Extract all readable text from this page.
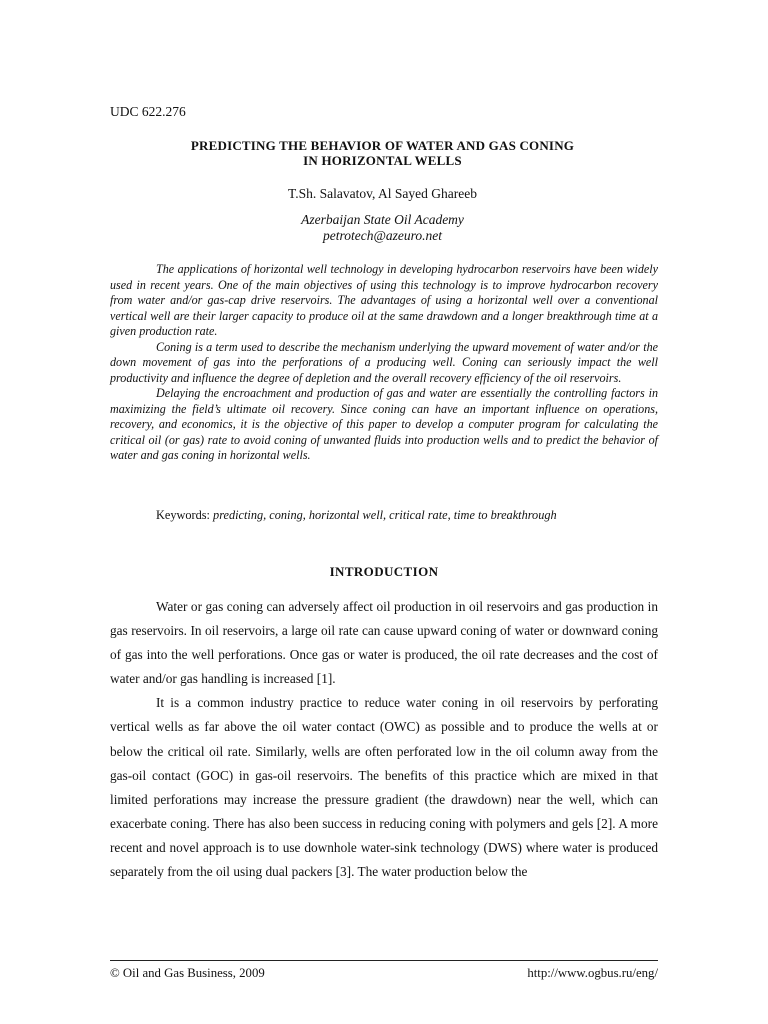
UDC 622.276
PREDICTING THE BEHAVIOR OF WATER AND GAS CONING
IN HORIZONTAL WELLS
T.Sh. Salavatov, Al Sayed Ghareeb
Azerbaijan State Oil Academy
petrotech@azeuro.net

The applications of horizontal well technology in developing hydrocarbon reservoirs have been widely used in recent years. One of the main objectives of using this technology is to improve hydrocarbon recovery from water and/or gas-cap drive reservoirs. The advantages of using a horizontal well over a conventional vertical well are their larger capacity to produce oil at the same drawdown and a longer breakthrough time at a given production rate.

Coning is a term used to describe the mechanism underlying the upward movement of water and/or the down movement of gas into the perforations of a producing well. Coning can seriously impact the well productivity and influence the degree of depletion and the overall recovery efficiency of the oil reservoirs.

Delaying the encroachment and production of gas and water are essentially the controlling factors in maximizing the field’s ultimate oil recovery. Since coning can have an important influence on operations, recovery, and economics, it is the objective of this paper to develop a computer program for calculating the critical oil (or gas) rate to avoid coning of unwanted fluids into production wells and to predict the behavior of water and gas coning in horizontal wells.

Keywords: predicting, coning, horizontal well, critical rate, time to breakthrough
INTRODUCTION

Water or gas coning can adversely affect oil production in oil reservoirs and gas production in gas reservoirs. In oil reservoirs, a large oil rate can cause upward coning of water or downward coning of gas into the well perforations. Once gas or water is produced, the oil rate decreases and the cost of water and/or gas handling is increased [1].

It is a common industry practice to reduce water coning in oil reservoirs by perforating vertical wells as far above the oil water contact (OWC) as possible and to produce the wells at or below the critical oil rate. Similarly, wells are often perforated low in the oil column away from the gas-oil contact (GOC) in gas-oil reservoirs. The benefits of this practice which are mixed in that limited perforations may increase the pressure gradient (the drawdown) near the well, which can exacerbate coning. There has also been success in reducing coning with polymers and gels [2]. A more recent and novel approach is to use downhole water-sink technology (DWS) where water is produced separately from the oil using dual packers [3]. The water production below the

© Oil and Gas Business, 2009	http://www.ogbus.ru/eng/
